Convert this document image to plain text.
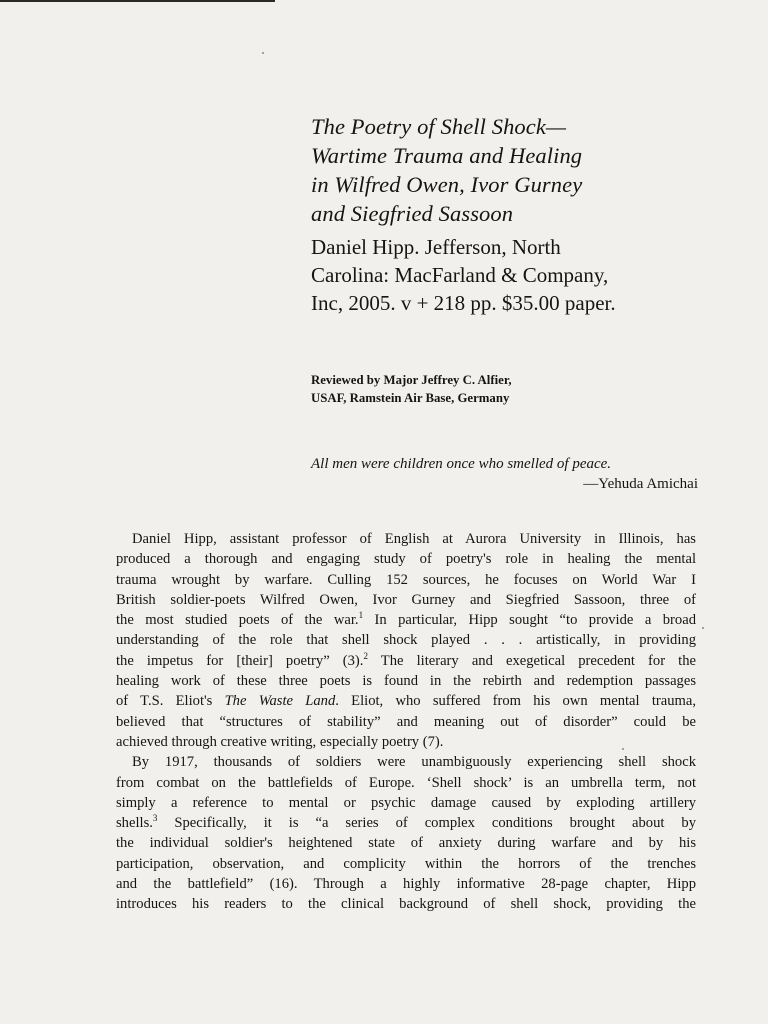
The Poetry of Shell Shock—
Wartime Trauma and Healing
in Wilfred Owen, Ivor Gurney
and Siegfried Sassoon
Daniel Hipp. Jefferson, North
Carolina: MacFarland & Company,
Inc, 2005. v + 218 pp. $35.00 paper.
Reviewed by Major Jeffrey C. Alfier,
USAF, Ramstein Air Base, Germany
All men were children once who smelled of peace.
—Yehuda Amichai
Daniel Hipp, assistant professor of English at Aurora University in Illinois, has
produced a thorough and engaging study of poetry's role in healing the mental
trauma wrought by warfare. Culling 152 sources, he focuses on World War I
British soldier-poets Wilfred Owen, Ivor Gurney and Siegfried Sassoon, three of
the most studied poets of the war.$^1$ In particular, Hipp sought “to provide a broad
understanding of the role that shell shock played . . . artistically, in providing
the impetus for [their] poetry” (3).$^2$ The literary and exegetical precedent for the
healing work of these three poets is found in the rebirth and redemption passages
of T.S. Eliot's The Waste Land. Eliot, who suffered from his own mental trauma,
believed that “structures of stability” and meaning out of disorder” could be
achieved through creative writing, especially poetry (7).
By 1917, thousands of soldiers were unambiguously experiencing shell shock
from combat on the battlefields of Europe. ‘Shell shock’ is an umbrella term, not
simply a reference to mental or psychic damage caused by exploding artillery
shells.$^3$ Specifically, it is “a series of complex conditions brought about by
the individual soldier's heightened state of anxiety during warfare and by his
participation, observation, and complicity within the horrors of the trenches
and the battlefield” (16). Through a highly informative 28-page chapter, Hipp
introduces his readers to the clinical background of shell shock, providing the
